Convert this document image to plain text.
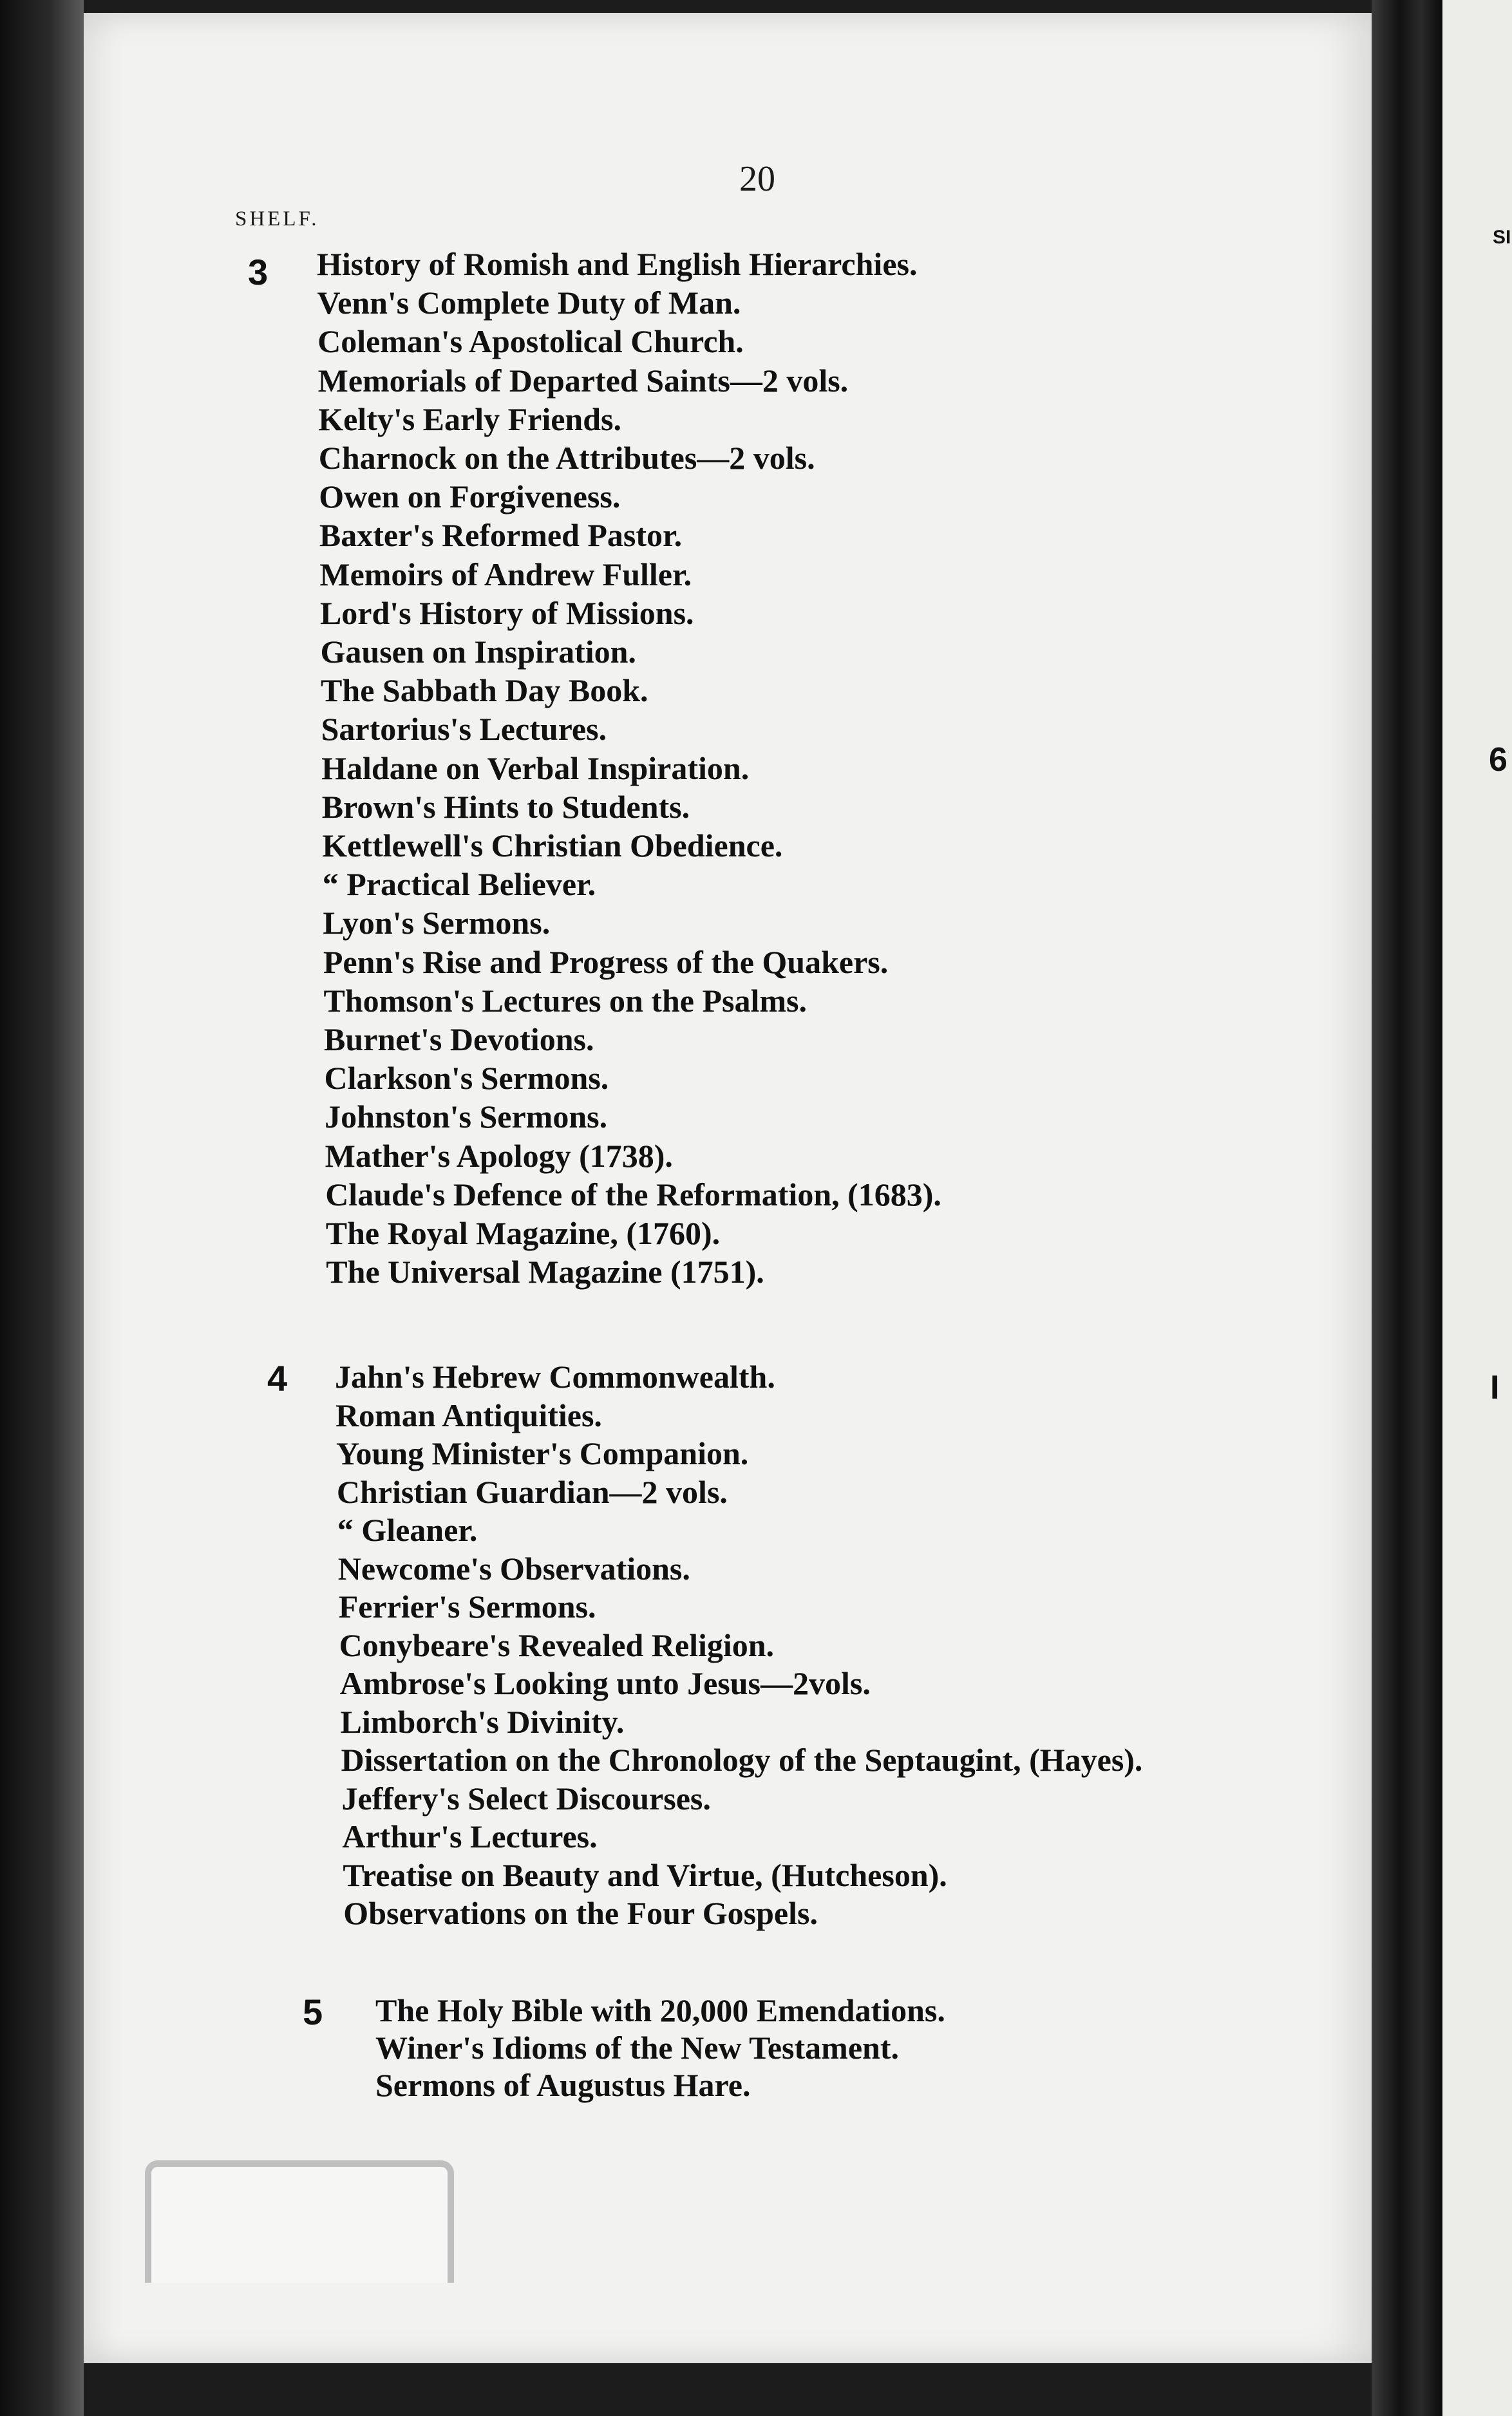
20
SHELF.
3 History of Romish and English Hierarchies.
Venn's Complete Duty of Man.
Coleman's Apostolical Church.
Memorials of Departed Saints—2 vols.
Kelty's Early Friends.
Charnock on the Attributes—2 vols.
Owen on Forgiveness.
Baxter's Reformed Pastor.
Memoirs of Andrew Fuller.
Lord's History of Missions.
Gausen on Inspiration.
The Sabbath Day Book.
Sartorius's Lectures.
Haldane on Verbal Inspiration.
Brown's Hints to Students.
Kettlewell's Christian Obedience.
“ Practical Believer.
Lyon's Sermons.
Penn's Rise and Progress of the Quakers.
Thomson's Lectures on the Psalms.
Burnet's Devotions.
Clarkson's Sermons.
Johnston's Sermons.
Mather's Apology (1738).
Claude's Defence of the Reformation, (1683).
The Royal Magazine, (1760).
The Universal Magazine (1751).
4 Jahn's Hebrew Commonwealth.
Roman Antiquities.
Young Minister's Companion.
Christian Guardian—2 vols.
“ Gleaner.
Newcome's Observations.
Ferrier's Sermons.
Conybeare's Revealed Religion.
Ambrose's Looking unto Jesus—2vols.
Limborch's Divinity.
Dissertation on the Chronology of the Septaugint, (Hayes).
Jeffery's Select Discourses.
Arthur's Lectures.
Treatise on Beauty and Virtue, (Hutcheson).
Observations on the Four Gospels.
5 The Holy Bible with 20,000 Emendations.
Winer's Idioms of the New Testament.
Sermons of Augustus Hare.
SI
6
I
